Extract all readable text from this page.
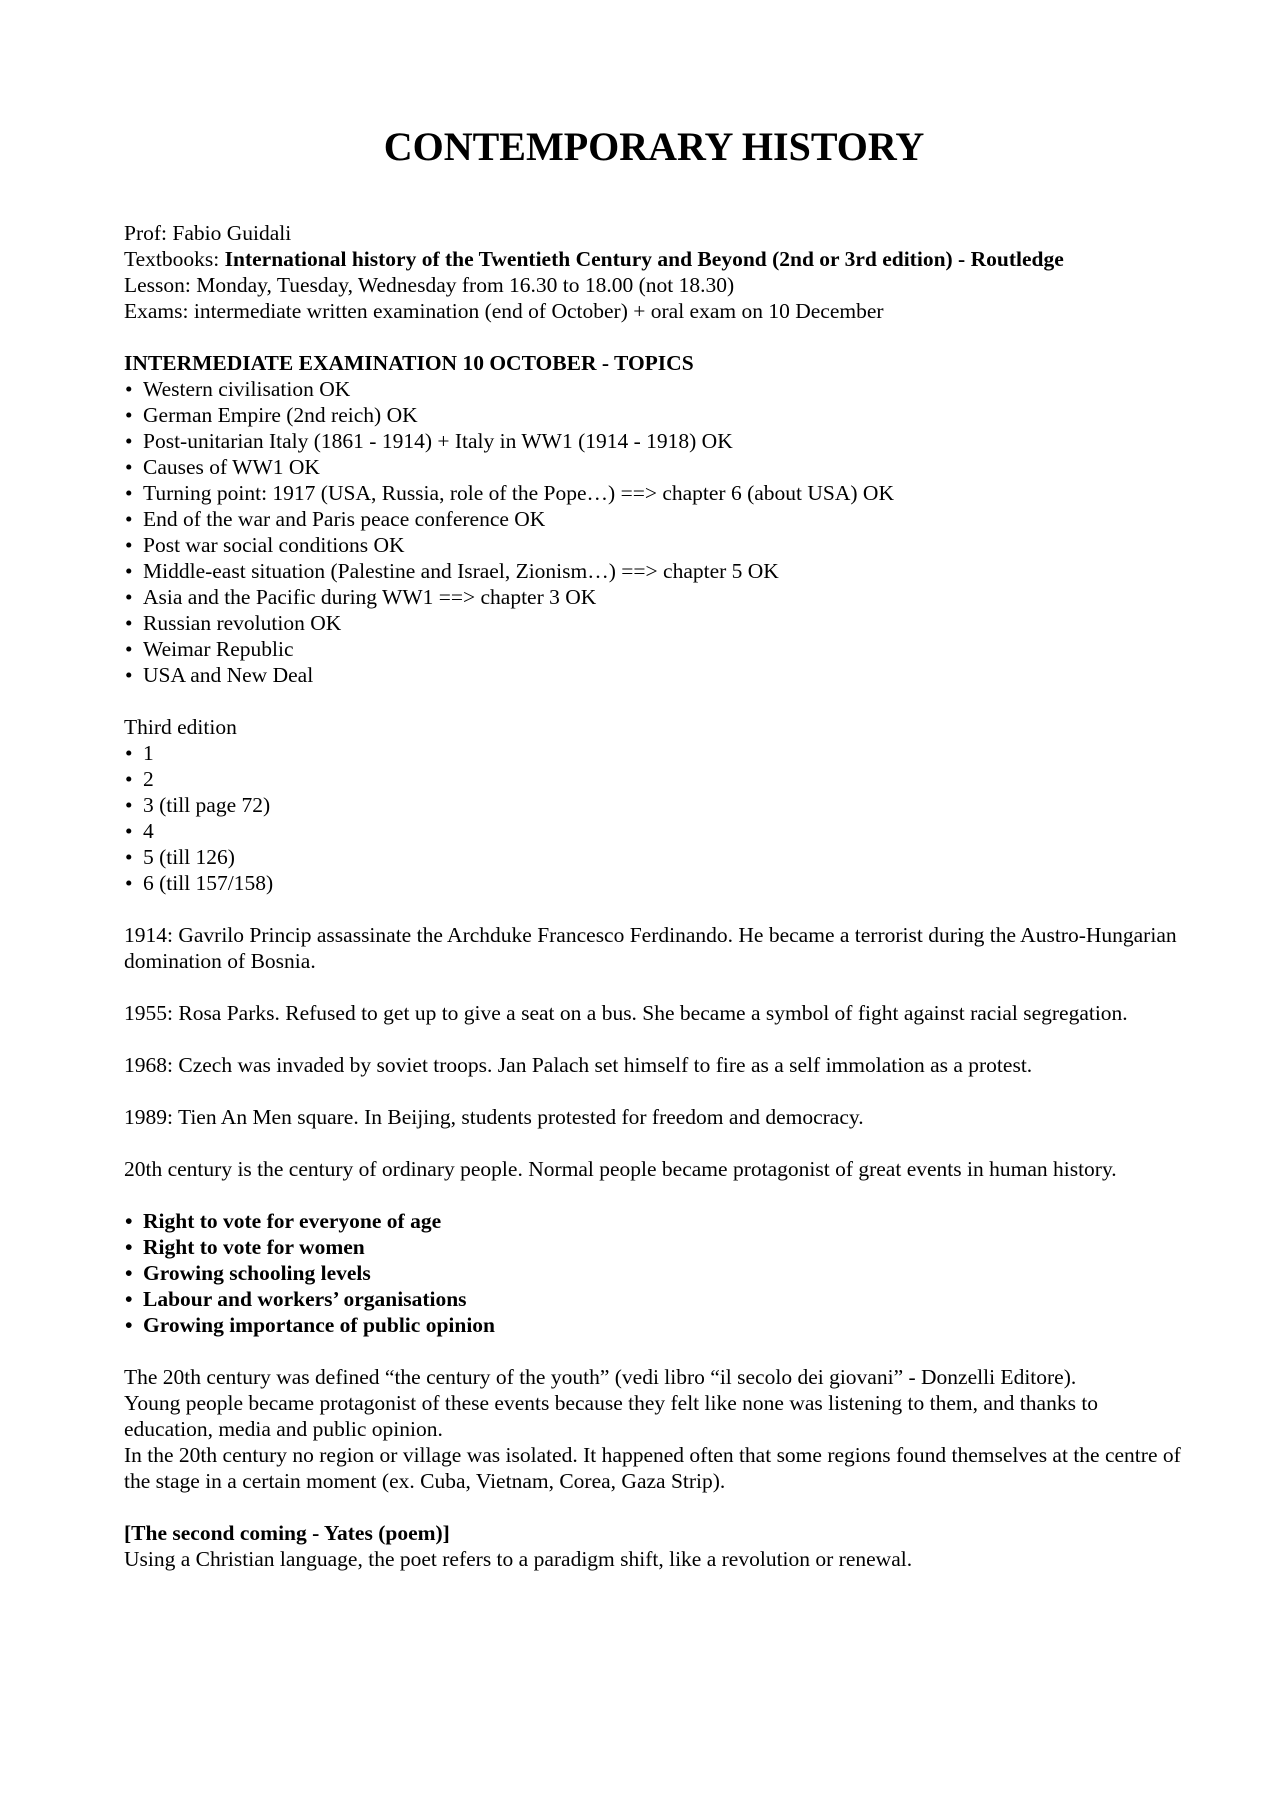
CONTEMPORARY HISTORY

Prof: Fabio Guidali

Textbooks: International history of the Twentieth Century and Beyond (2nd or 3rd edition) - Routledge

Lesson: Monday, Tuesday, Wednesday from 16.30 to 18.00 (not 18.30)

Exams: intermediate written examination (end of October) + oral exam on 10 December

INTERMEDIATE EXAMINATION 10 OCTOBER - TOPICS

• Western civilisation OK
• German Empire (2nd reich) OK
• Post-unitarian Italy (1861 - 1914) + Italy in WW1 (1914 - 1918) OK
• Causes of WW1 OK
• Turning point: 1917 (USA, Russia, role of the Pope…) ==> chapter 6 (about USA) OK
• End of the war and Paris peace conference OK
• Post war social conditions OK
• Middle-east situation (Palestine and Israel, Zionism…) ==> chapter 5 OK
• Asia and the Pacific during WW1 ==> chapter 3 OK
• Russian revolution OK
• Weimar Republic
• USA and New Deal

Third edition

• 1
• 2
• 3 (till page 72)
• 4
• 5 (till 126)
• 6 (till 157/158)

1914: Gavrilo Princip assassinate the Archduke Francesco Ferdinando. He became a terrorist during the Austro-Hungarian domination of Bosnia.

1955: Rosa Parks. Refused to get up to give a seat on a bus. She became a symbol of fight against racial segregation.

1968: Czech was invaded by soviet troops. Jan Palach set himself to fire as a self immolation as a protest.

1989: Tien An Men square. In Beijing, students protested for freedom and democracy.

20th century is the century of ordinary people. Normal people became protagonist of great events in human history.

• Right to vote for everyone of age
• Right to vote for women
• Growing schooling levels
• Labour and workers’ organisations
• Growing importance of public opinion

The 20th century was defined “the century of the youth” (vedi libro “il secolo dei giovani” - Donzelli Editore).

Young people became protagonist of these events because they felt like none was listening to them, and thanks to education, media and public opinion.

In the 20th century no region or village was isolated. It happened often that some regions found themselves at the centre of the stage in a certain moment (ex. Cuba, Vietnam, Corea, Gaza Strip).

[The second coming - Yates (poem)]

Using a Christian language, the poet refers to a paradigm shift, like a revolution or renewal.
